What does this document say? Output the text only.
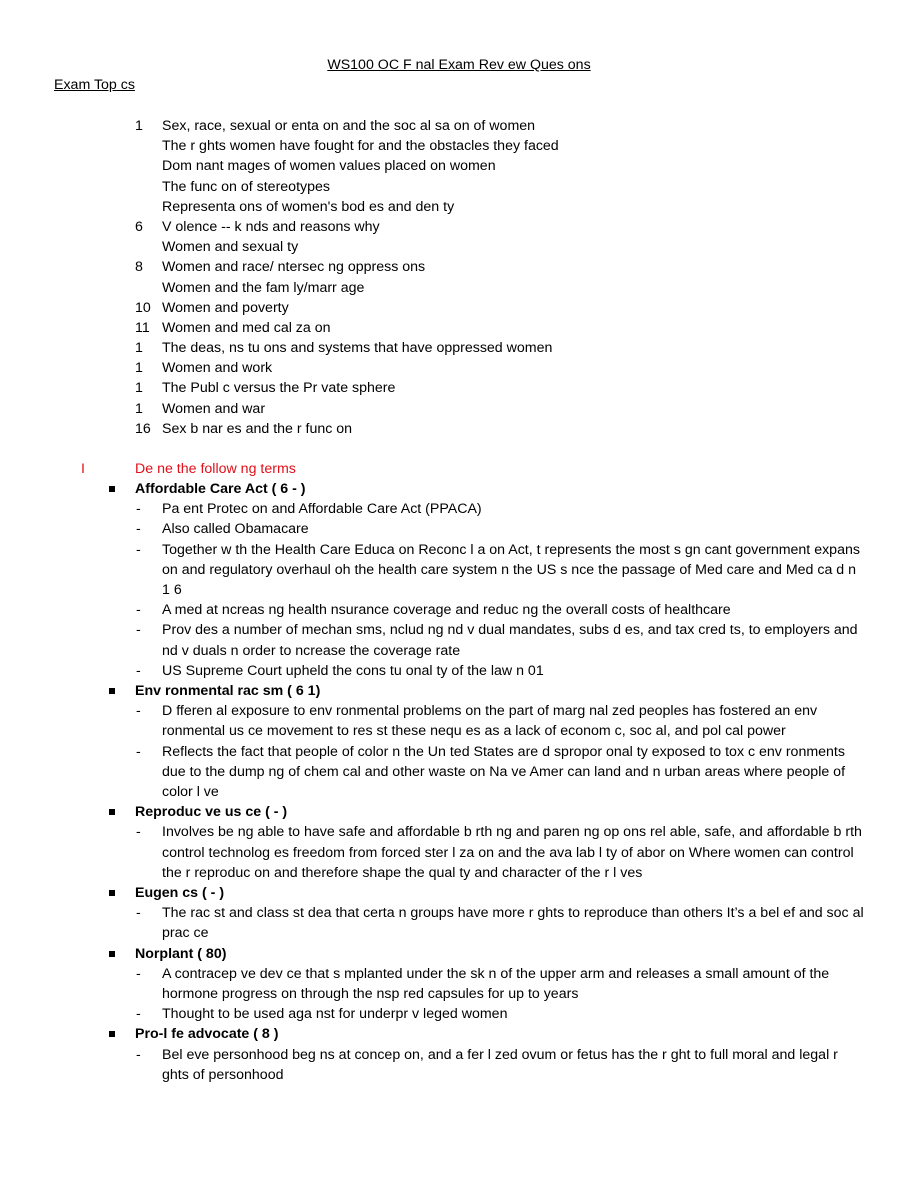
WS100 OC F nal Exam Rev ew Ques ons
Exam Top cs
1	Sex, race, sexual or enta on and the soc al sa on of women
The r ghts women have fought for and the obstacles they faced
Dom nant mages of women values placed on women
The func on of stereotypes
Representa ons of women's bod es and den ty
6	V olence -- k nds and reasons why
Women and sexual ty
8	Women and race/ ntersec ng oppress ons
Women and the fam ly/marr age
10 Women and poverty
11 Women and med cal za on
1	The deas, ns tu ons and systems that have oppressed women
1	Women and work
1	The Publ c versus the Pr vate sphere
1	Women and war
16 Sex b nar es and the r func on
I	De ne the follow ng terms
Affordable Care Act ( 6 - )
- Pa ent Protec on and Affordable Care Act (PPACA)
- Also called Obamacare
- Together w th the Health Care Educa on Reconc l a on Act, t represents the most s gn cant government expans on and regulatory overhaul oh the health care system n the US s nce the passage of Med care and Med ca d n 1 6
- A med at ncreas ng health nsurance coverage and reduc ng the overall costs of healthcare
- Prov des a number of mechan sms, nclud ng nd v dual mandates, subs d es, and tax cred ts, to employers and nd v duals n order to ncrease the coverage rate
- US Supreme Court upheld the cons tu onal ty of the law n 01
Env ronmental rac sm ( 6 1)
- D fferen al exposure to env ronmental problems on the part of marg nal zed peoples has fostered an env ronmental us ce movement to res st these nequ es as a lack of econom c, soc al, and pol cal power
- Reflects the fact that people of color n the Un ted States are d spropor onal ty exposed to tox c env ronments due to the dump ng of chem cal and other waste on Na ve Amer can land and n urban areas where people of color l ve
Reproduc ve us ce ( - )
- Involves be ng able to have safe and affordable b rth ng and paren ng op ons rel able, safe, and affordable b rth control technolog es freedom from forced ster l za on and the ava lab l ty of abor on Where women can control the r reproduc on and therefore shape the qual ty and character of the r l ves
Eugen cs ( - )
- The rac st and class st dea that certa n groups have more r ghts to reproduce than others It’s a bel ef and soc al prac ce
Norplant ( 80)
- A contracep ve dev ce that s mplanted under the sk n of the upper arm and releases a small amount of the hormone progress on through the nsp red capsules for up to years
- Thought to be used aga nst for underpr v leged women
Pro-l fe advocate ( 8 )
- Bel eve personhood beg ns at concep on, and a fer l zed ovum or fetus has the r ght to full moral and legal r ghts of personhood
